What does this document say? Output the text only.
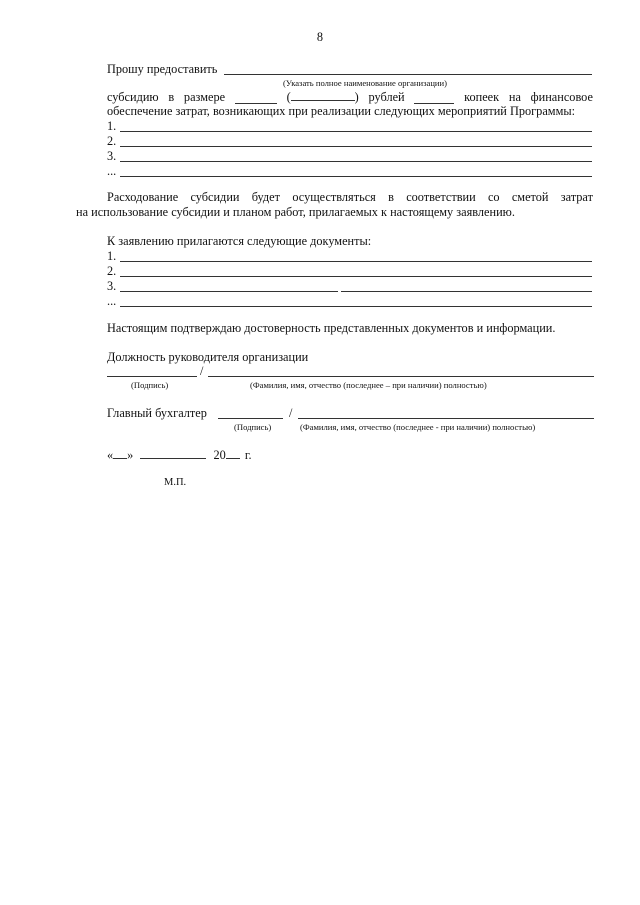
8
Прошу предоставить
(Указать полное наименование организации)
субсидию в размере	(	) рублей	копеек на финансовое
обеспечение затрат, возникающих при реализации следующих мероприятий Программы:
1.
2.
3.
...
Расходование субсидии будет осуществляться в соответствии со сметой затрат
на использование субсидии и планом работ, прилагаемых к настоящему заявлению.
К заявлению прилагаются следующие документы:
1.
2.
3.
...
Настоящим подтверждаю достоверность представленных документов и информации.
Должность руководителя организации
/
(Подпись)	(Фамилия, имя, отчество (последнее – при наличии) полностью)
Главный бухгалтер	/
(Подпись)	(Фамилия, имя, отчество (последнее - при наличии) полностью)
« »	20 г.
М.П.
